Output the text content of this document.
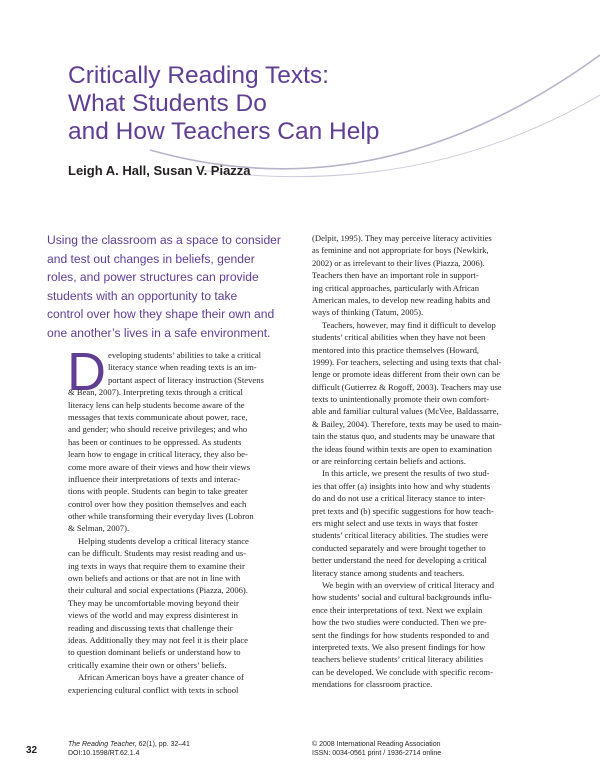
Critically Reading Texts:
What Students Do
and How Teachers Can Help

Leigh A. Hall, Susan V. Piazza

Using the classroom as a space to consider
and test out changes in beliefs, gender
roles, and power structures can provide
students with an opportunity to take
control over how they shape their own and
one another’s lives in a safe environment.

D eveloping students’ abilities to take a critical
literacy stance when reading texts is an im-
portant aspect of literacy instruction (Stevens
& Bean, 2007). Interpreting texts through a critical
literacy lens can help students become aware of the
messages that texts communicate about power, race,
and gender; who should receive privileges; and who
has been or continues to be oppressed. As students
learn how to engage in critical literacy, they also be-
come more aware of their views and how their views
influence their interpretations of texts and interac-
tions with people. Students can begin to take greater
control over how they position themselves and each
other while transforming their everyday lives (Lobron
& Selman, 2007).
Helping students develop a critical literacy stance
can be difficult. Students may resist reading and us-
ing texts in ways that require them to examine their
own beliefs and actions or that are not in line with
their cultural and social expectations (Piazza, 2006).
They may be uncomfortable moving beyond their
views of the world and may express disinterest in
reading and discussing texts that challenge their
ideas. Additionally they may not feel it is their place
to question dominant beliefs or understand how to
critically examine their own or others’ beliefs.
African American boys have a greater chance of
experiencing cultural conflict with texts in school
(Delpit, 1995). They may perceive literacy activities
as feminine and not appropriate for boys (Newkirk,
2002) or as irrelevant to their lives (Piazza, 2006).
Teachers then have an important role in support-
ing critical approaches, particularly with African
American males, to develop new reading habits and
ways of thinking (Tatum, 2005).
Teachers, however, may find it difficult to develop
students’ critical abilities when they have not been
mentored into this practice themselves (Howard,
1999). For teachers, selecting and using texts that chal-
lenge or promote ideas different from their own can be
difficult (Gutierrez & Rogoff, 2003). Teachers may use
texts to unintentionally promote their own comfort-
able and familiar cultural values (McVee, Baldassarre,
& Bailey, 2004). Therefore, texts may be used to main-
tain the status quo, and students may be unaware that
the ideas found within texts are open to examination
or are reinforcing certain beliefs and actions.
In this article, we present the results of two stud-
ies that offer (a) insights into how and why students
do and do not use a critical literacy stance to inter-
pret texts and (b) specific suggestions for how teach-
ers might select and use texts in ways that foster
students’ critical literacy abilities. The studies were
conducted separately and were brought together to
better understand the need for developing a critical
literacy stance among students and teachers.
We begin with an overview of critical literacy and
how students’ social and cultural backgrounds influ-
ence their interpretations of text. Next we explain
how the two studies were conducted. Then we pre-
sent the findings for how students responded to and
interpreted texts. We also present findings for how
teachers believe students’ critical literacy abilities
can be developed. We conclude with specific recom-
mendations for classroom practice.
32
The Reading Teacher, 62(1), pp. 32–41
DOI:10.1598/RT.62.1.4
© 2008 International Reading Association
ISSN: 0034-0561 print / 1936-2714 online
